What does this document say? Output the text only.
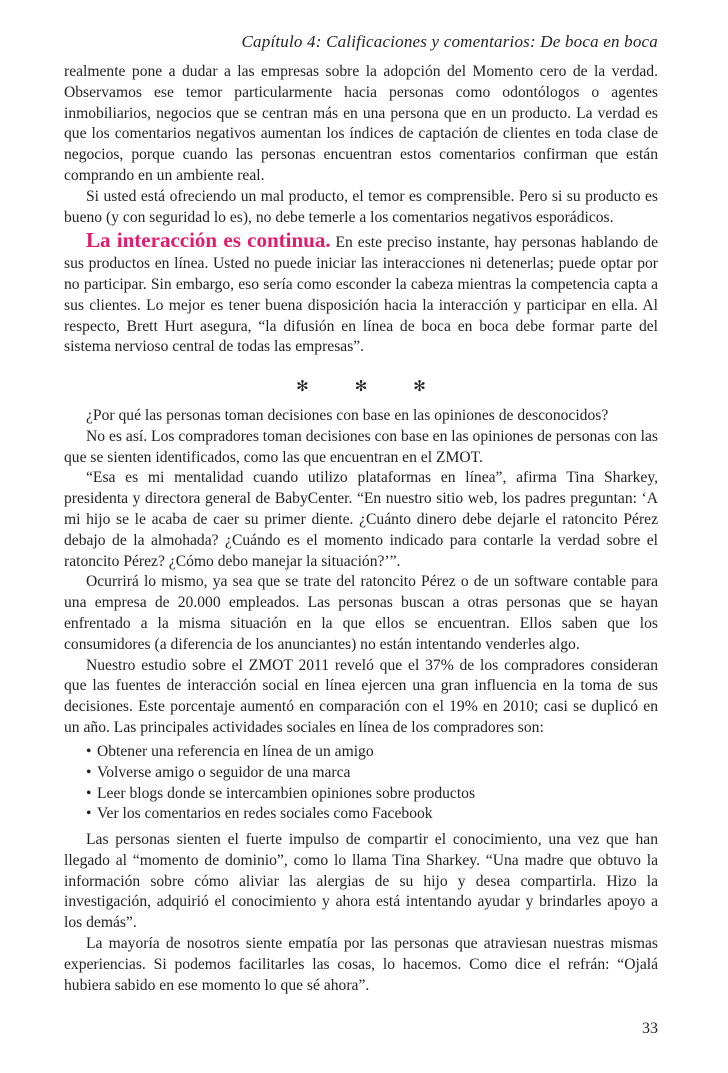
Capítulo 4: Calificaciones y comentarios: De boca en boca

realmente pone a dudar a las empresas sobre la adopción del Momento cero de la verdad. Observamos ese temor particularmente hacia personas como odontólogos o agentes inmobiliarios, negocios que se centran más en una persona que en un producto. La verdad es que los comentarios negativos aumentan los índices de captación de clientes en toda clase de negocios, porque cuando las personas encuentran estos comentarios confirman que están comprando en un ambiente real.

Si usted está ofreciendo un mal producto, el temor es comprensible. Pero si su producto es bueno (y con seguridad lo es), no debe temerle a los comentarios negativos esporádicos.

La interacción es continua. En este preciso instante, hay personas hablando de sus productos en línea. Usted no puede iniciar las interacciones ni detenerlas; puede optar por no participar. Sin embargo, eso sería como esconder la cabeza mientras la competencia capta a sus clientes. Lo mejor es tener buena disposición hacia la interacción y participar en ella. Al respecto, Brett Hurt asegura, “la difusión en línea de boca en boca debe formar parte del sistema nervioso central de todas las empresas”.

✻	✻	✻

¿Por qué las personas toman decisiones con base en las opiniones de desconocidos?

No es así. Los compradores toman decisiones con base en las opiniones de personas con las que se sienten identificados, como las que encuentran en el ZMOT.

“Esa es mi mentalidad cuando utilizo plataformas en línea”, afirma Tina Sharkey, presidenta y directora general de BabyCenter. “En nuestro sitio web, los padres preguntan: ‘A mi hijo se le acaba de caer su primer diente. ¿Cuánto dinero debe dejarle el ratoncito Pérez debajo de la almohada? ¿Cuándo es el momento indicado para contarle la verdad sobre el ratoncito Pérez? ¿Cómo debo manejar la situación?’”.

Ocurrirá lo mismo, ya sea que se trate del ratoncito Pérez o de un software contable para una empresa de 20.000 empleados. Las personas buscan a otras personas que se hayan enfrentado a la misma situación en la que ellos se encuentran. Ellos saben que los consumidores (a diferencia de los anunciantes) no están intentando venderles algo.

Nuestro estudio sobre el ZMOT 2011 reveló que el 37% de los compradores consideran que las fuentes de interacción social en línea ejercen una gran influencia en la toma de sus decisiones. Este porcentaje aumentó en comparación con el 19% en 2010; casi se duplicó en un año. Las principales actividades sociales en línea de los compradores son:

• Obtener una referencia en línea de un amigo
• Volverse amigo o seguidor de una marca
• Leer blogs donde se intercambien opiniones sobre productos
• Ver los comentarios en redes sociales como Facebook

Las personas sienten el fuerte impulso de compartir el conocimiento, una vez que han llegado al “momento de dominio”, como lo llama Tina Sharkey. “Una madre que obtuvo la información sobre cómo aliviar las alergias de su hijo y desea compartirla. Hizo la investigación, adquirió el conocimiento y ahora está intentando ayudar y brindarles apoyo a los demás”.

La mayoría de nosotros siente empatía por las personas que atraviesan nuestras mismas experiencias. Si podemos facilitarles las cosas, lo hacemos. Como dice el refrán: “Ojalá hubiera sabido en ese momento lo que sé ahora”.

33
